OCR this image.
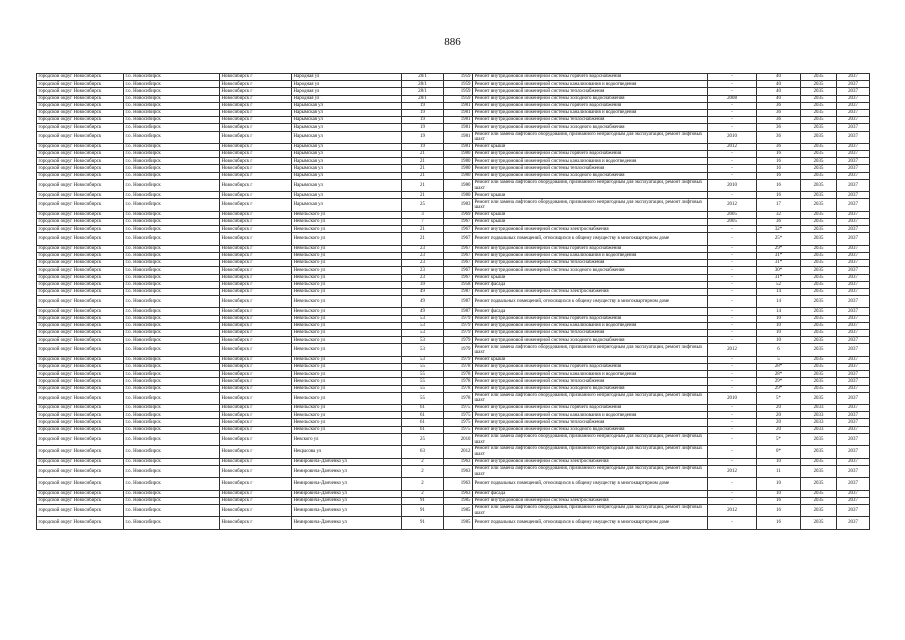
886
городской округ Новосибирск	г.о. Новосибирск	Новосибирск г	Народная ул	28/1	1959	Ремонт внутридомовой инженерной системы горячего водоснабжения	-	40	2035	2037
городской округ Новосибирск	г.о. Новосибирск	Новосибирск г	Народная ул	28/1	1959	Ремонт внутридомовой инженерной системы канализования и водоотведения	-	40	2035	2037
городской округ Новосибирск	г.о. Новосибирск	Новосибирск г	Народная ул	28/1	1959	Ремонт внутридомовой инженерной системы теплоснабжения	-	40	2035	2037
городской округ Новосибирск	г.о. Новосибирск	Новосибирск г	Народная ул	28/1	1959	Ремонт внутридомовой инженерной системы холодного водоснабжения	2008	40	2035	2037
городской округ Новосибирск	г.о. Новосибирск	Новосибирск г	Нарымская ул	19	1981	Ремонт внутридомовой инженерной системы горячего водоснабжения	-	36	2035	2037
городской округ Новосибирск	г.о. Новосибирск	Новосибирск г	Нарымская ул	19	1981	Ремонт внутридомовой инженерной системы канализования и водоотведения	-	36	2035	2037
городской округ Новосибирск	г.о. Новосибирск	Новосибирск г	Нарымская ул	19	1981	Ремонт внутридомовой инженерной системы теплоснабжения	-	36	2035	2037
городской округ Новосибирск	г.о. Новосибирск	Новосибирск г	Нарымская ул	19	1981	Ремонт внутридомовой инженерной системы холодного водоснабжения	-	36	2035	2037
городской округ Новосибирск	г.о. Новосибирск	Новосибирск г	Нарымская ул	19	1981	Ремонт или замена лифтового оборудования, признанного непригодным для эксплуатации, ремонт лифтовых шахт	2010	36	2035	2037
городской округ Новосибирск	г.о. Новосибирск	Новосибирск г	Нарымская ул	19	1981	Ремонт крыши	2012	36	2035	2037
городской округ Новосибирск	г.о. Новосибирск	Новосибирск г	Нарымская ул	21	1980	Ремонт внутридомовой инженерной системы горячего водоснабжения	-	16	2035	2037
городской округ Новосибирск	г.о. Новосибирск	Новосибирск г	Нарымская ул	21	1980	Ремонт внутридомовой инженерной системы канализования и водоотведения	-	16	2035	2037
городской округ Новосибирск	г.о. Новосибирск	Новосибирск г	Нарымская ул	21	1980	Ремонт внутридомовой инженерной системы теплоснабжения	-	16	2035	2037
городской округ Новосибирск	г.о. Новосибирск	Новосибирск г	Нарымская ул	21	1980	Ремонт внутридомовой инженерной системы холодного водоснабжения	-	16	2035	2037
городской округ Новосибирск	г.о. Новосибирск	Новосибирск г	Нарымская ул	21	1980	Ремонт или замена лифтового оборудования, признанного непригодным для эксплуатации, ремонт лифтовых шахт	2010	16	2035	2037
городской округ Новосибирск	г.о. Новосибирск	Новосибирск г	Нарымская ул	21	1980	Ремонт крыши	-	16	2035	2037
городской округ Новосибирск	г.о. Новосибирск	Новосибирск г	Нарымская ул	25	1983	Ремонт или замена лифтового оборудования, признанного непригодным для эксплуатации, ремонт лифтовых шахт	2012	17	2035	2037
городской округ Новосибирск	г.о. Новосибирск	Новосибирск г	Невельского ул	3	1969	Ремонт крыши	2005	32	2035	2037
городской округ Новосибирск	г.о. Новосибирск	Новосибирск г	Невельского ул	7	1967	Ремонт крыши	2005	36	2035	2037
городской округ Новосибирск	г.о. Новосибирск	Новосибирск г	Невельского ул	21	1967	Ремонт внутридомовой инженерной системы электроснабжения	-	32*	2035	2037
городской округ Новосибирск	г.о. Новосибирск	Новосибирск г	Невельского ул	21	1967	Ремонт подвальных помещений, относящихся к общему имуществу в многоквартирном доме	-	25*	2035	2037
городской округ Новосибирск	г.о. Новосибирск	Новосибирск г	Невельского ул	23	1967	Ремонт внутридомовой инженерной системы горячего водоснабжения	-	29*	2035	2037
городской округ Новосибирск	г.о. Новосибирск	Новосибирск г	Невельского ул	23	1967	Ремонт внутридомовой инженерной системы канализования и водоотведения	-	31*	2035	2037
городской округ Новосибирск	г.о. Новосибирск	Новосибирск г	Невельского ул	23	1967	Ремонт внутридомовой инженерной системы теплоснабжения	-	31*	2035	2037
городской округ Новосибирск	г.о. Новосибирск	Новосибирск г	Невельского ул	23	1967	Ремонт внутридомовой инженерной системы холодного водоснабжения	-	30*	2035	2037
городской округ Новосибирск	г.о. Новосибирск	Новосибирск г	Невельского ул	23	1967	Ремонт крыши	-	31*	2035	2037
городской округ Новосибирск	г.о. Новосибирск	Новосибирск г	Невельского ул	39	1958	Ремонт фасада	-	52	2035	2037
городской округ Новосибирск	г.о. Новосибирск	Новосибирск г	Невельского ул	49	1987	Ремонт внутридомовой инженерной системы электроснабжения	-	14	2035	2037
городской округ Новосибирск	г.о. Новосибирск	Новосибирск г	Невельского ул	49	1987	Ремонт подвальных помещений, относящихся к общему имуществу в многоквартирном доме	-	14	2035	2037
городской округ Новосибирск	г.о. Новосибирск	Новосибирск г	Невельского ул	49	1987	Ремонт фасада	-	14	2035	2037
городской округ Новосибирск	г.о. Новосибирск	Новосибирск г	Невельского ул	53	1979	Ремонт внутридомовой инженерной системы горячего водоснабжения	-	10	2035	2037
городской округ Новосибирск	г.о. Новосибирск	Новосибирск г	Невельского ул	53	1979	Ремонт внутридомовой инженерной системы канализования и водоотведения	-	10	2035	2037
городской округ Новосибирск	г.о. Новосибирск	Новосибирск г	Невельского ул	53	1979	Ремонт внутридомовой инженерной системы теплоснабжения	-	10	2035	2037
городской округ Новосибирск	г.о. Новосибирск	Новосибирск г	Невельского ул	53	1979	Ремонт внутридомовой инженерной системы холодного водоснабжения	-	10	2035	2037
городской округ Новосибирск	г.о. Новосибирск	Новосибирск г	Невельского ул	53	1979	Ремонт или замена лифтового оборудования, признанного непригодным для эксплуатации, ремонт лифтовых шахт	2012	6	2035	2037
городской округ Новосибирск	г.о. Новосибирск	Новосибирск г	Невельского ул	53	1979	Ремонт крыши	-	5	2035	2037
городской округ Новосибирск	г.о. Новосибирск	Новосибирск г	Невельского ул	55	1978	Ремонт внутридомовой инженерной системы горячего водоснабжения	-	28*	2035	2037
городской округ Новосибирск	г.о. Новосибирск	Новосибирск г	Невельского ул	55	1978	Ремонт внутридомовой инженерной системы канализования и водоотведения	-	28*	2035	2037
городской округ Новосибирск	г.о. Новосибирск	Новосибирск г	Невельского ул	55	1978	Ремонт внутридомовой инженерной системы теплоснабжения	-	29*	2035	2037
городской округ Новосибирск	г.о. Новосибирск	Новосибирск г	Невельского ул	55	1978	Ремонт внутридомовой инженерной системы холодного водоснабжения	-	29*	2035	2037
городской округ Новосибирск	г.о. Новосибирск	Новосибирск г	Невельского ул	55	1978	Ремонт или замена лифтового оборудования, признанного непригодным для эксплуатации, ремонт лифтовых шахт	2010	5*	2035	2037
городской округ Новосибирск	г.о. Новосибирск	Новосибирск г	Невельского ул	61	1975	Ремонт внутридомовой инженерной системы горячего водоснабжения	-	20	2033	2037
городской округ Новосибирск	г.о. Новосибирск	Новосибирск г	Невельского ул	61	1975	Ремонт внутридомовой инженерной системы канализования и водоотведения	-	20	2033	2037
городской округ Новосибирск	г.о. Новосибирск	Новосибирск г	Невельского ул	61	1975	Ремонт внутридомовой инженерной системы теплоснабжения	-	20	2033	2037
городской округ Новосибирск	г.о. Новосибирск	Новосибирск г	Невельского ул	61	1975	Ремонт внутридомовой инженерной системы холодного водоснабжения	-	20	2033	2037
городской округ Новосибирск	г.о. Новосибирск	Новосибирск г	Невского ул	25	2010	Ремонт или замена лифтового оборудования, признанного непригодным для эксплуатации, ремонт лифтовых шахт	-	5*	2035	2037
городской округ Новосибирск	г.о. Новосибирск	Новосибирск г	Некрасова ул	63	2012	Ремонт или замена лифтового оборудования, признанного непригодным для эксплуатации, ремонт лифтовых шахт	-	0*	2035	2037
городской округ Новосибирск	г.о. Новосибирск	Новосибирск г	Немировича-Данченко ул	2	1963	Ремонт внутридомовой инженерной системы электроснабжения	-	10	2035	2037
городской округ Новосибирск	г.о. Новосибирск	Новосибирск г	Немировича-Данченко ул	2	1963	Ремонт или замена лифтового оборудования, признанного непригодным для эксплуатации, ремонт лифтовых шахт	2012	11	2035	2037
городской округ Новосибирск	г.о. Новосибирск	Новосибирск г	Немировича-Данченко ул	2	1963	Ремонт подвальных помещений, относящихся к общему имуществу в многоквартирном доме	-	10	2035	2037
городской округ Новосибирск	г.о. Новосибирск	Новосибирск г	Немировича-Данченко ул	2	1963	Ремонт фасада	-	10	2035	2037
городской округ Новосибирск	г.о. Новосибирск	Новосибирск г	Немировича-Данченко ул	91	1985	Ремонт внутридомовой инженерной системы электроснабжения	-	16	2035	2037
городской округ Новосибирск	г.о. Новосибирск	Новосибирск г	Немировича-Данченко ул	91	1985	Ремонт или замена лифтового оборудования, признанного непригодным для эксплуатации, ремонт лифтовых шахт	2012	16	2035	2037
городской округ Новосибирск	г.о. Новосибирск	Новосибирск г	Немировича-Данченко ул	91	1985	Ремонт подвальных помещений, относящихся к общему имуществу в многоквартирном доме	-	16	2035	2037
